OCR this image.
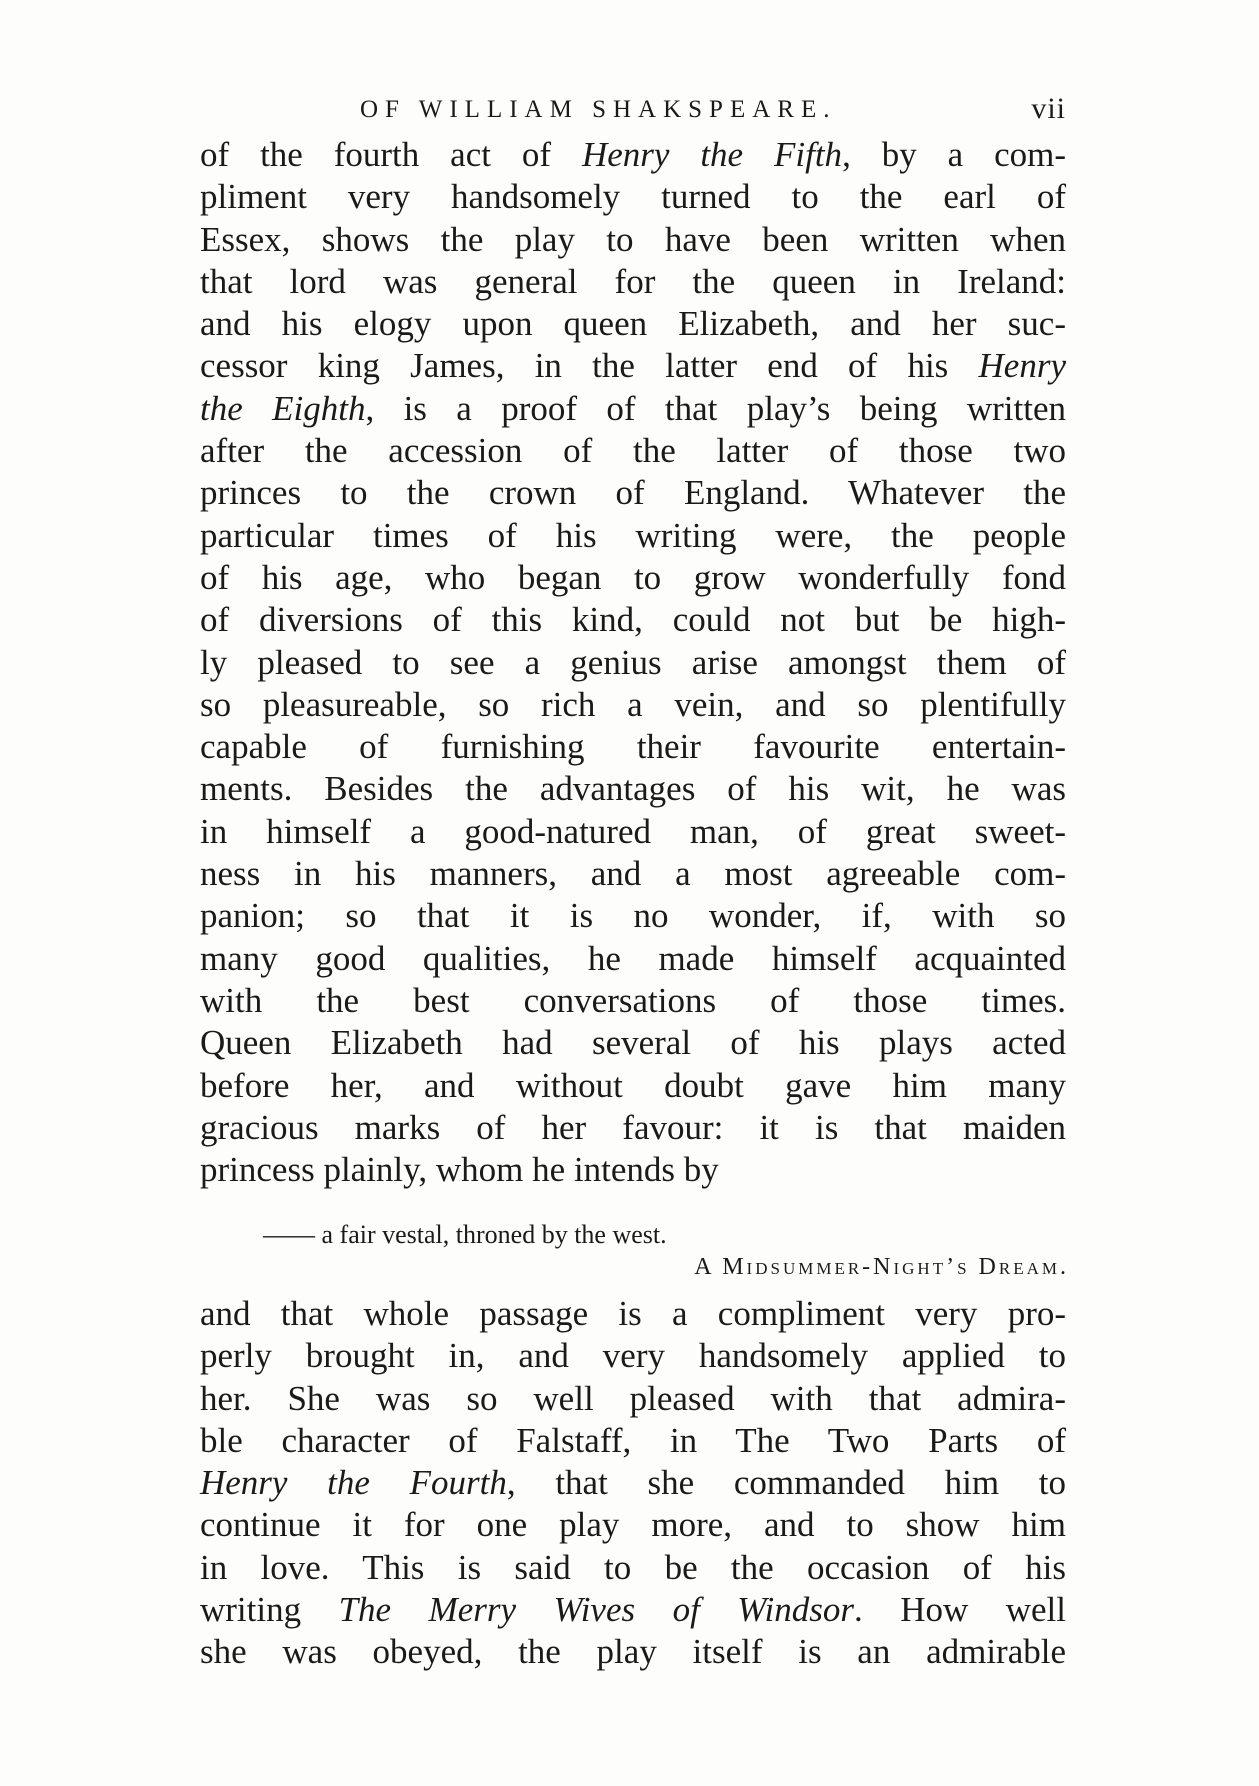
OF WILLIAM SHAKSPEARE.	vii
of the fourth act of Henry the Fifth, by a com-
pliment very handsomely turned to the earl of
Essex, shows the play to have been written when
that lord was general for the queen in Ireland:
and his elogy upon queen Elizabeth, and her suc-
cessor king James, in the latter end of his Henry
the Eighth, is a proof of that play’s being written
after the accession of the latter of those two
princes to the crown of England. Whatever the
particular times of his writing were, the people
of his age, who began to grow wonderfully fond
of diversions of this kind, could not but be high-
ly pleased to see a genius arise amongst them of
so pleasureable, so rich a vein, and so plentifully
capable of furnishing their favourite entertain-
ments. Besides the advantages of his wit, he was
in himself a good-natured man, of great sweet-
ness in his manners, and a most agreeable com-
panion; so that it is no wonder, if, with so
many good qualities, he made himself acquainted
with the best conversations of those times.
Queen Elizabeth had several of his plays acted
before her, and without doubt gave him many
gracious marks of her favour: it is that maiden
princess plainly, whom he intends by
—— a fair vestal, throned by the west.
A Midsummer-Night’s Dream.
and that whole passage is a compliment very pro-
perly brought in, and very handsomely applied to
her. She was so well pleased with that admira-
ble character of Falstaff, in The Two Parts of
Henry the Fourth, that she commanded him to
continue it for one play more, and to show him
in love. This is said to be the occasion of his
writing The Merry Wives of Windsor. How well
she was obeyed, the play itself is an admirable
